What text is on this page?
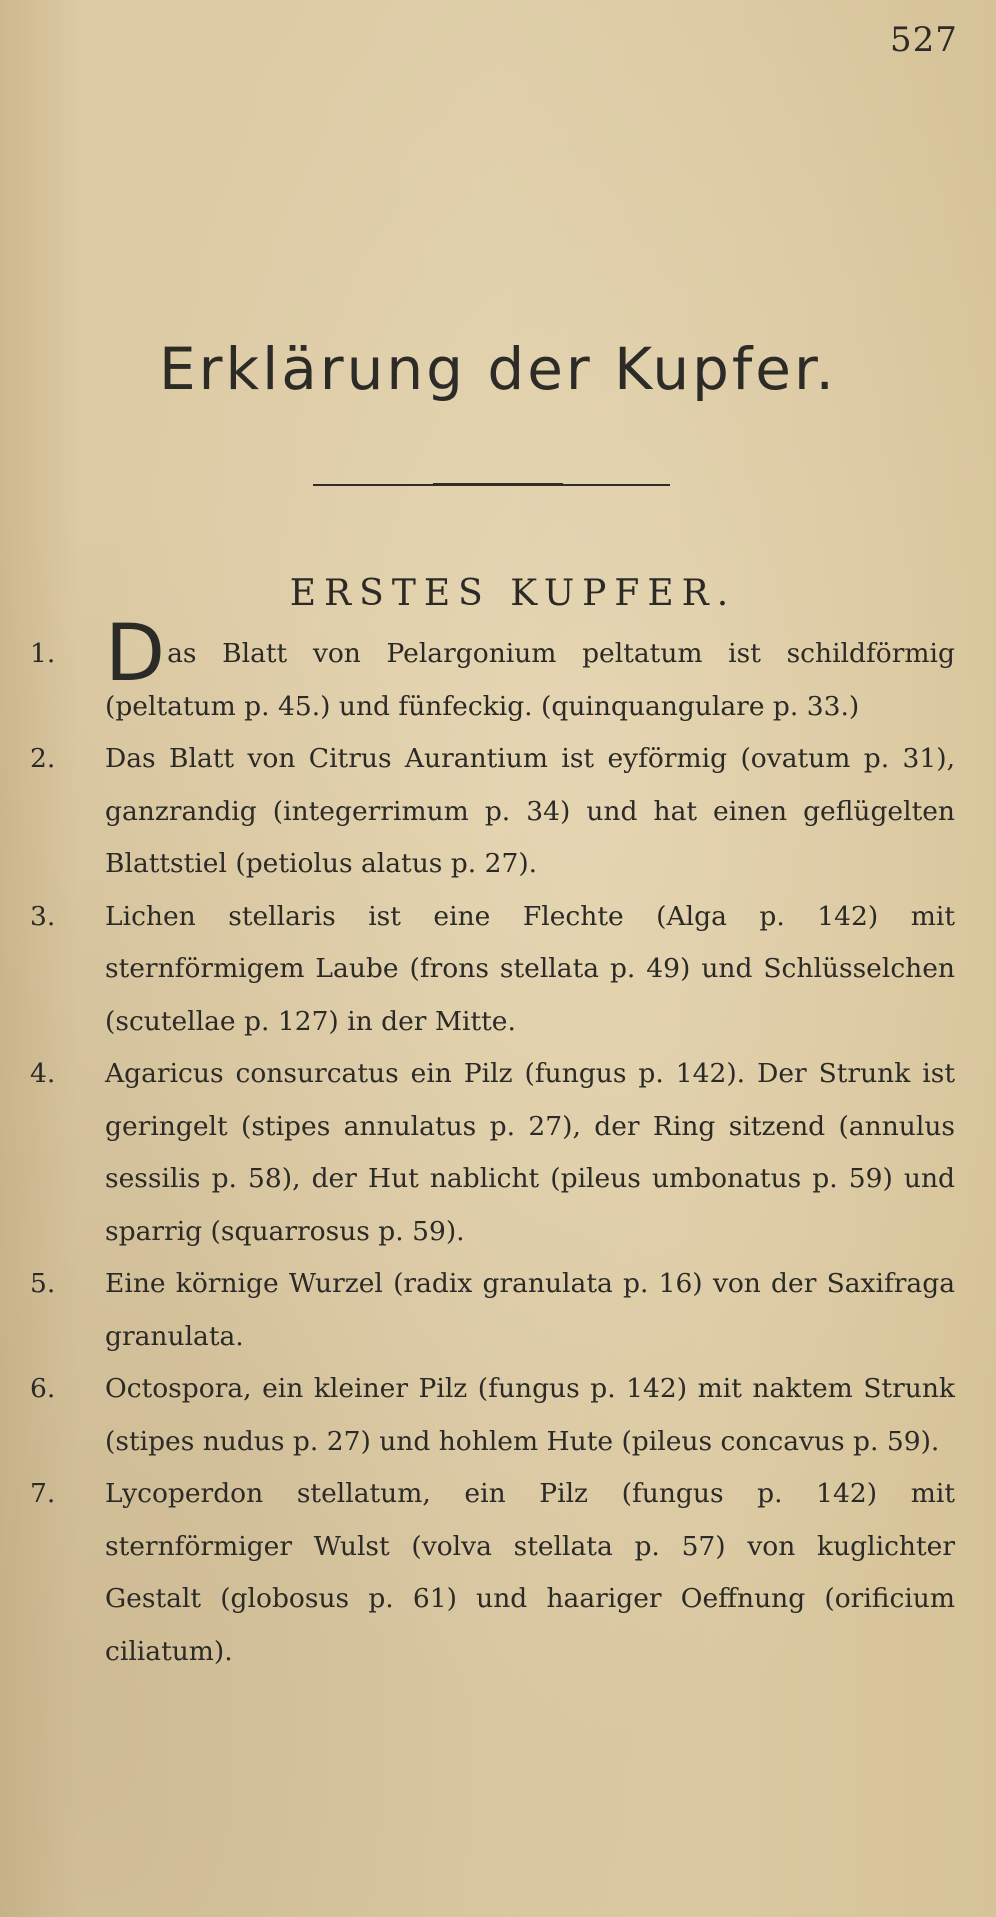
527
Erklärung der Kupfer.
ERSTES KUPFER.
1. D as Blatt von Pelargonium peltatum ist schildförmig (peltatum p. 45.) und fünfeckig. (quinquangulare p. 33.)
2.	Das Blatt von Citrus Aurantium ist eyförmig (ovatum p. 31), ganzrandig (integerrimum p. 34) und hat einen geflügelten Blattstiel (petiolus alatus p. 27).
3.	Lichen stellaris ist eine Flechte (Alga p. 142) mit sternförmigem Laube (frons stellata p. 49) und Schlüsselchen (scutellae p. 127) in der Mitte.
4.	Agaricus consurcatus ein Pilz (fungus p. 142). Der Strunk ist geringelt (stipes annulatus p. 27), der Ring sitzend (annulus sessilis p. 58), der Hut nablicht (pileus umbonatus p. 59) und sparrig (squarrosus p. 59).
5.	Eine körnige Wurzel (radix granulata p. 16) von der Saxifraga granulata.
6.	Octospora, ein kleiner Pilz (fungus p. 142) mit naktem Strunk (stipes nudus p. 27) und hohlem Hute (pileus concavus p. 59).
7.	Lycoperdon stellatum, ein Pilz (fungus p. 142) mit sternförmiger Wulst (volva stellata p. 57) von kuglichter Gestalt (globosus p. 61) und haariger Oeffnung (orificium ciliatum).
